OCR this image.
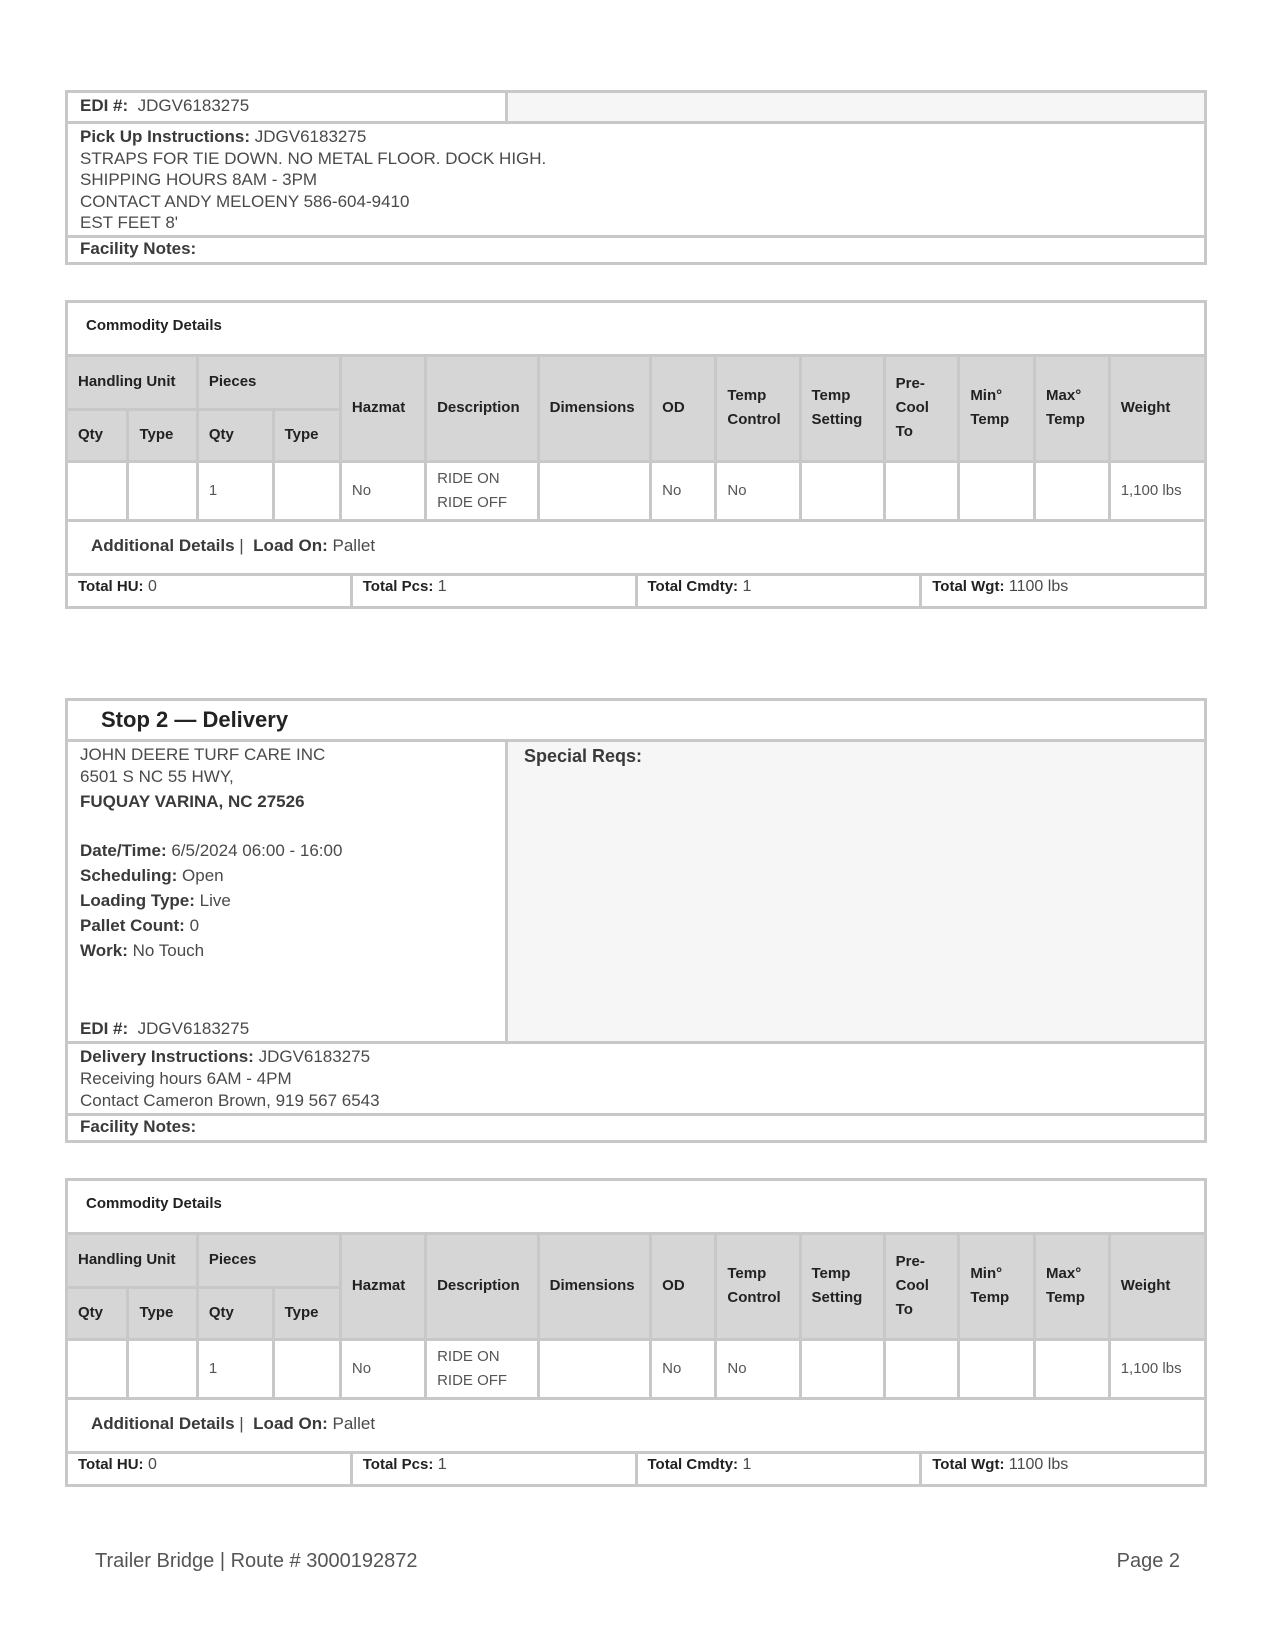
EDI #: JDGV6183275
Pick Up Instructions: JDGV6183275
STRAPS FOR TIE DOWN. NO METAL FLOOR. DOCK HIGH.
SHIPPING HOURS 8AM - 3PM
CONTACT ANDY MELOENY 586-604-9410
EST FEET 8'
Facility Notes:
Commodity Details
Handling Unit		Pieces		Hazmat	Description	Dimensions	OD	Temp Control	Temp Setting	Pre-Cool To	Min° Temp	Max° Temp	Weight
Qty	Type	Qty	Type										
		1		No	RIDE ON
RIDE OFF		No	No					1,100 lbs
Additional Details |  Load On: Pallet
Total HU: 0	Total Pcs: 1	Total Cmdty: 1	Total Wgt: 1100 lbs
Stop 2 — Delivery
JOHN DEERE TURF CARE INC
6501 S NC 55 HWY,
FUQUAY VARINA, NC 27526
Date/Time: 6/5/2024 06:00 - 16:00
Scheduling: Open
Loading Type: Live
Pallet Count: 0
Work: No Touch
EDI #: JDGV6183275
Special Reqs:
Delivery Instructions: JDGV6183275
Receiving hours 6AM - 4PM
Contact Cameron Brown, 919 567 6543
Facility Notes:
Commodity Details
Handling Unit		Pieces		Hazmat	Description	Dimensions	OD	Temp Control	Temp Setting	Pre-Cool To	Min° Temp	Max° Temp	Weight
Qty	Type	Qty	Type										
		1		No	RIDE ON
RIDE OFF		No	No					1,100 lbs
Additional Details |  Load On: Pallet
Total HU: 0	Total Pcs: 1	Total Cmdty: 1	Total Wgt: 1100 lbs
Trailer Bridge | Route # 3000192872	Page 2
